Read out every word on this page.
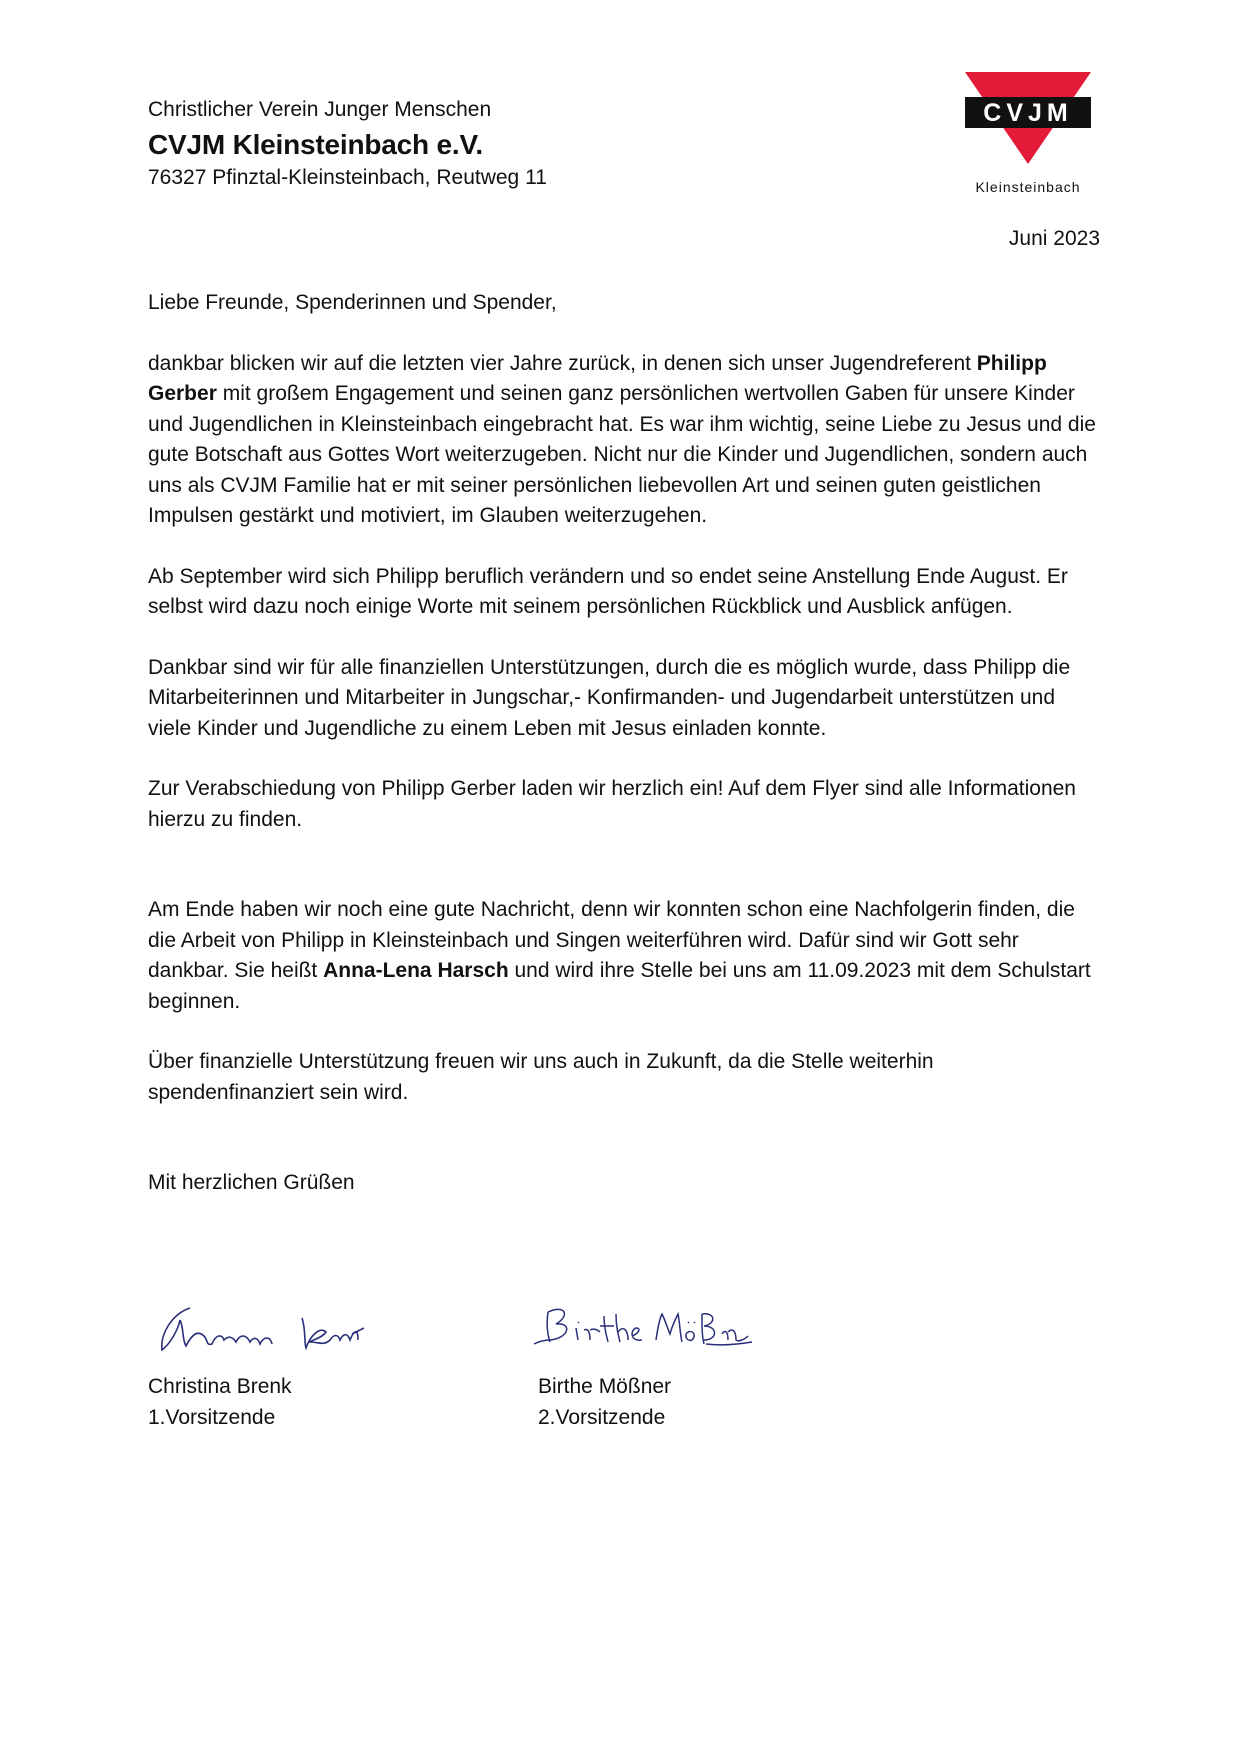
Christlicher Verein Junger Menschen
CVJM Kleinsteinbach e.V.
76327 Pfinztal-Kleinsteinbach, Reutweg 11
CVJM
Kleinsteinbach
Juni 2023

Liebe Freunde, Spenderinnen und Spender,

dankbar blicken wir auf die letzten vier Jahre zurück, in denen sich unser Jugendreferent Philipp Gerber mit großem Engagement und seinen ganz persönlichen wertvollen Gaben für unsere Kinder und Jugendlichen in Kleinsteinbach eingebracht hat. Es war ihm wichtig, seine Liebe zu Jesus und die gute Botschaft aus Gottes Wort weiterzugeben. Nicht nur die Kinder und Jugendlichen, sondern auch uns als CVJM Familie hat er mit seiner persönlichen liebevollen Art und seinen guten geistlichen Impulsen gestärkt und motiviert, im Glauben weiterzugehen.

Ab September wird sich Philipp beruflich verändern und so endet seine Anstellung Ende August. Er selbst wird dazu noch einige Worte mit seinem persönlichen Rückblick und Ausblick anfügen.

Dankbar sind wir für alle finanziellen Unterstützungen, durch die es möglich wurde, dass Philipp die Mitarbeiterinnen und Mitarbeiter in Jungschar,- Konfirmanden- und Jugendarbeit unterstützen und viele Kinder und Jugendliche zu einem Leben mit Jesus einladen konnte.

Zur Verabschiedung von Philipp Gerber laden wir herzlich ein! Auf dem Flyer sind alle Informationen hierzu zu finden.

Am Ende haben wir noch eine gute Nachricht, denn wir konnten schon eine Nachfolgerin finden, die die Arbeit von Philipp in Kleinsteinbach und Singen weiterführen wird. Dafür sind wir Gott sehr dankbar. Sie heißt Anna-Lena Harsch und wird ihre Stelle bei uns am 11.09.2023 mit dem Schulstart beginnen.

Über finanzielle Unterstützung freuen wir uns auch in Zukunft, da die Stelle weiterhin spendenfinanziert sein wird.

Mit herzlichen Grüßen

Christina Brenk
1.Vorsitzende
Birthe Mößner
2.Vorsitzende
